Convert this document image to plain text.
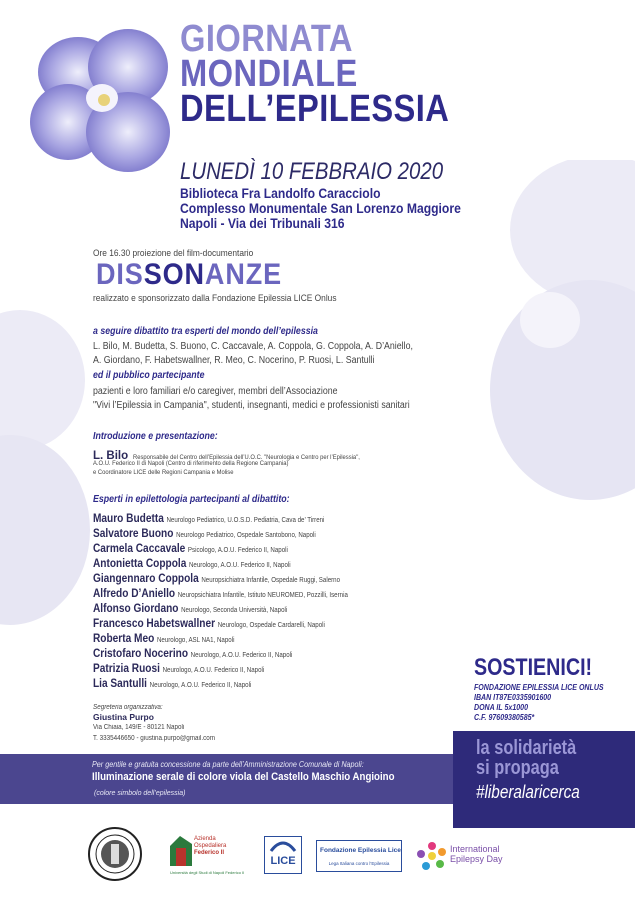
GIORNATA
MONDIALE
DELL’EPILESSIA
LUNEDÌ 10 FEBBRAIO 2020
Biblioteca Fra Landolfo Caracciolo
Complesso Monumentale San Lorenzo Maggiore
Napoli - Via dei Tribunali 316
Ore 16.30 proiezione del film-documentario
DISSONANZE
realizzato e sponsorizzato dalla Fondazione Epilessia LICE Onlus
a seguire dibattito tra esperti del mondo dell’epilessia
L. Bilo, M. Budetta, S. Buono, C. Caccavale, A. Coppola, G. Coppola, A. D’Aniello,
A. Giordano, F. Habetswallner, R. Meo, C. Nocerino, P. Ruosi, L. Santulli
ed il pubblico partecipante
pazienti e loro familiari e/o caregiver, membri dell’Associazione
"Vivi l’Epilessia in Campania", studenti, insegnanti, medici e professionisti sanitari
Introduzione e presentazione:
L. Bilo Responsabile del Centro dell’Epilessia dell’U.O.C. "Neurologia e Centro per l’Epilessia",
A.O.U. Federico II di Napoli (Centro di riferimento della Regione Campania)
e Coordinatore LICE delle Regioni Campania e Molise
Esperti in epilettologia partecipanti al dibattito:
Mauro Budetta Neurologo Pediatrico, U.O.S.D. Pediatria, Cava de’ Tirreni
Salvatore Buono Neurologo Pediatrico, Ospedale Santobono, Napoli
Carmela Caccavale Psicologo, A.O.U. Federico II, Napoli
Antonietta Coppola Neurologo, A.O.U. Federico II, Napoli
Giangennaro Coppola Neuropsichiatra Infantile, Ospedale Ruggi, Salerno
Alfredo D’Aniello Neuropsichiatra Infantile, Istituto NEUROMED, Pozzilli, Isernia
Alfonso Giordano Neurologo, Seconda Università, Napoli
Francesco Habetswallner Neurologo, Ospedale Cardarelli, Napoli
Roberta Meo Neurologo, ASL NA1, Napoli
Cristofaro Nocerino Neurologo, A.O.U. Federico II, Napoli
Patrizia Ruosi Neurologo, A.O.U. Federico II, Napoli
Lia Santulli Neurologo, A.O.U. Federico II, Napoli
Segreteria organizzativa:
Giustina Purpo
Via Chiaia, 149/E - 80121 Napoli
T. 3335446650 - giustina.purpo@gmail.com
Per gentile e gratuita concessione da parte dell’Amministrazione Comunale di Napoli:
Illuminazione serale di colore viola del Castello Maschio Angioino
(colore simbolo dell’epilessia)
SOSTIENICI!
FONDAZIONE EPILESSIA LICE ONLUS
IBAN IT87E0335901600
DONA IL 5x1000
C.F. 97609380585*
la solidarietà
si propaga
#liberalaricerca
Azienda
Ospedaliera
Federico II
Università degli Studi di Napoli Federico II
LICE
Fondazione Epilessia Lice
Lega Italiana contro l’Epilessia
International
Epilepsy Day
